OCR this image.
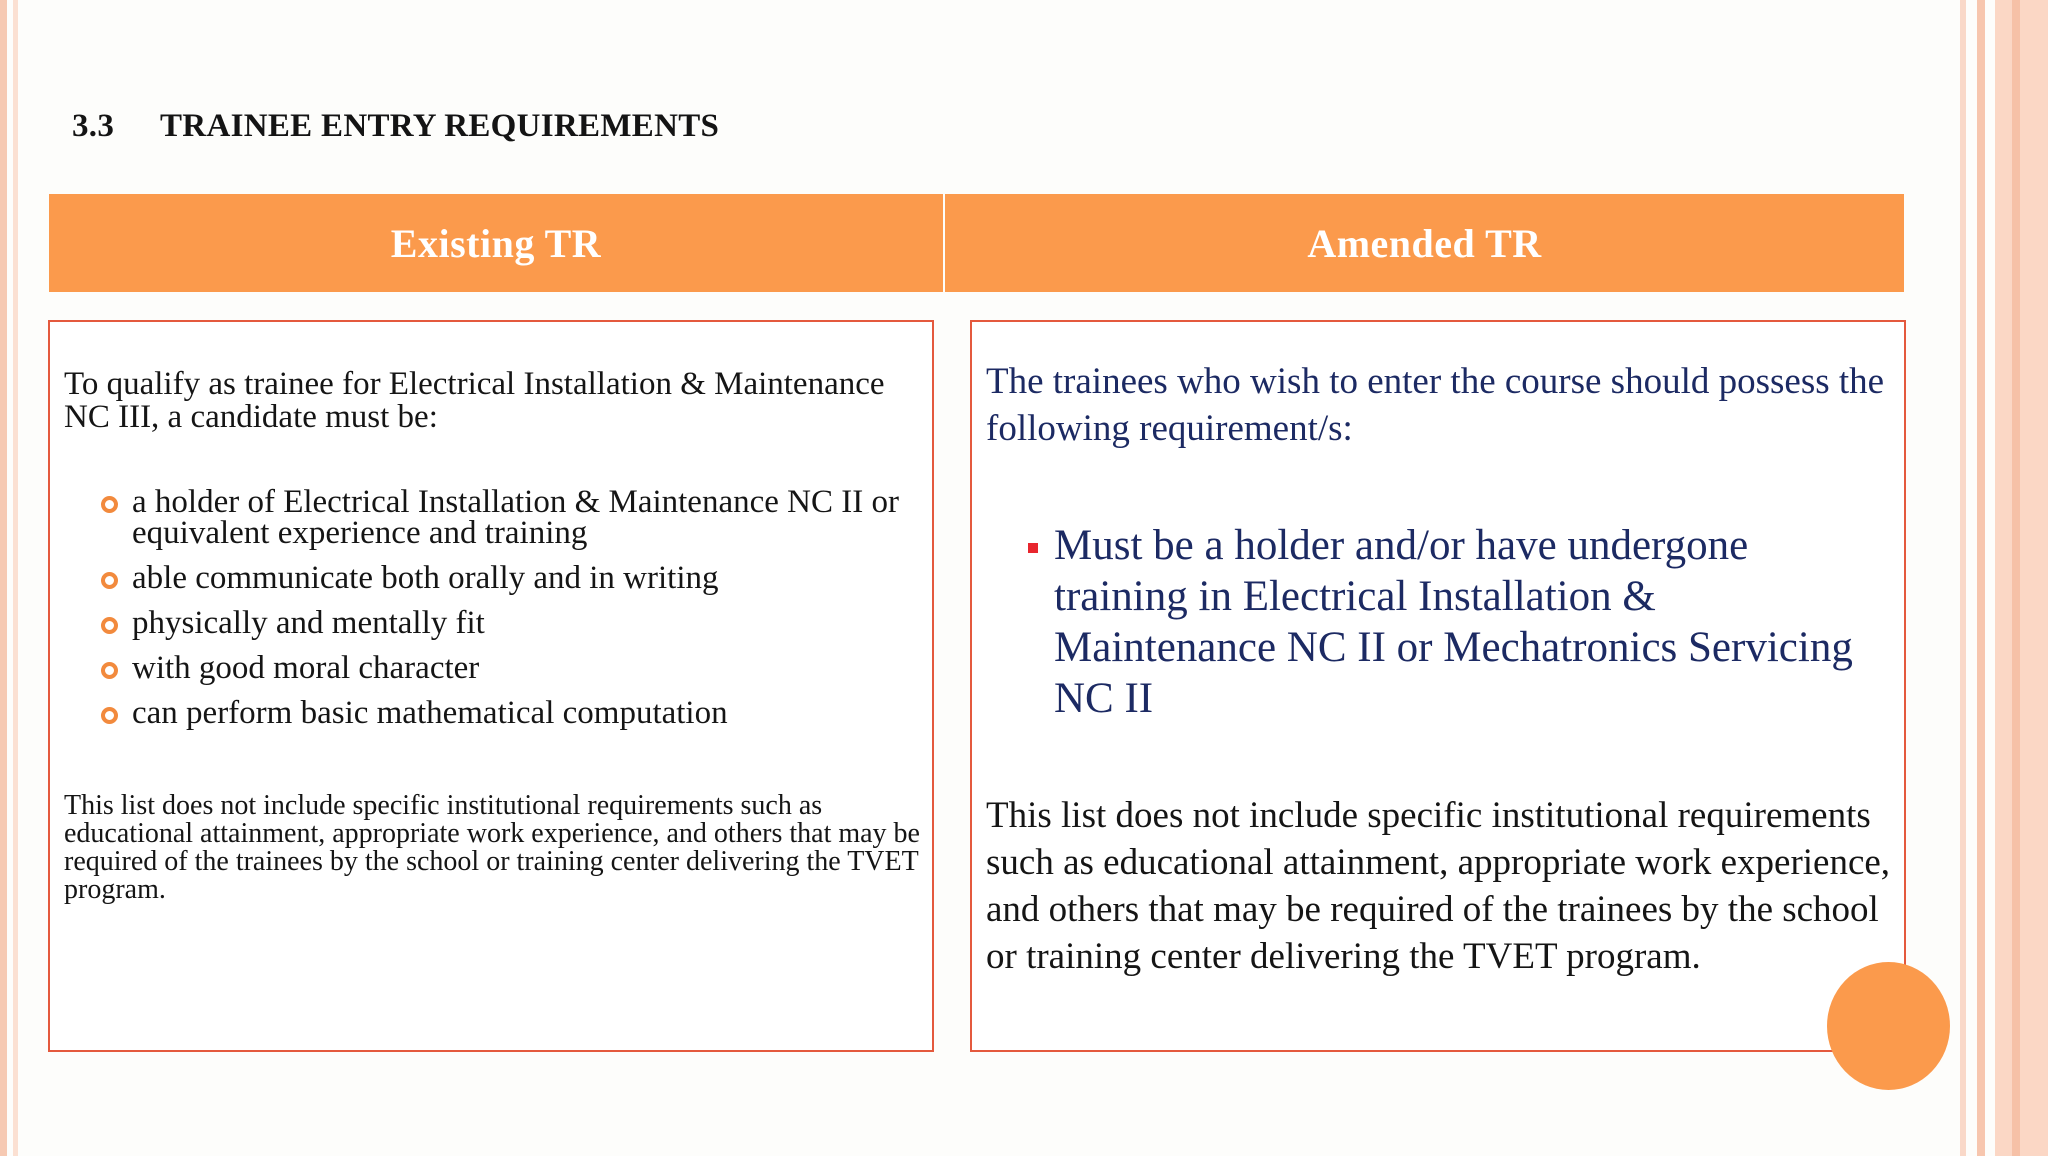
3.3 TRAINEE ENTRY REQUIREMENTS
Existing TR	Amended TR
To qualify as trainee for Electrical Installation & Maintenance NC III, a candidate must be:
a holder of Electrical Installation & Maintenance NC II or equivalent experience and training
able communicate both orally and in writing
physically and mentally fit
with good moral character
can perform basic mathematical computation
This list does not include specific institutional requirements such as educational attainment, appropriate work experience, and others that may be required of the trainees by the school or training center delivering the TVET program.
The trainees who wish to enter the course should possess the following requirement/s:
Must be a holder and/or have undergone training in Electrical Installation & Maintenance NC II or Mechatronics Servicing NC II
This list does not include specific institutional requirements such as educational attainment, appropriate work experience, and others that may be required of the trainees by the school or training center delivering the TVET program.
